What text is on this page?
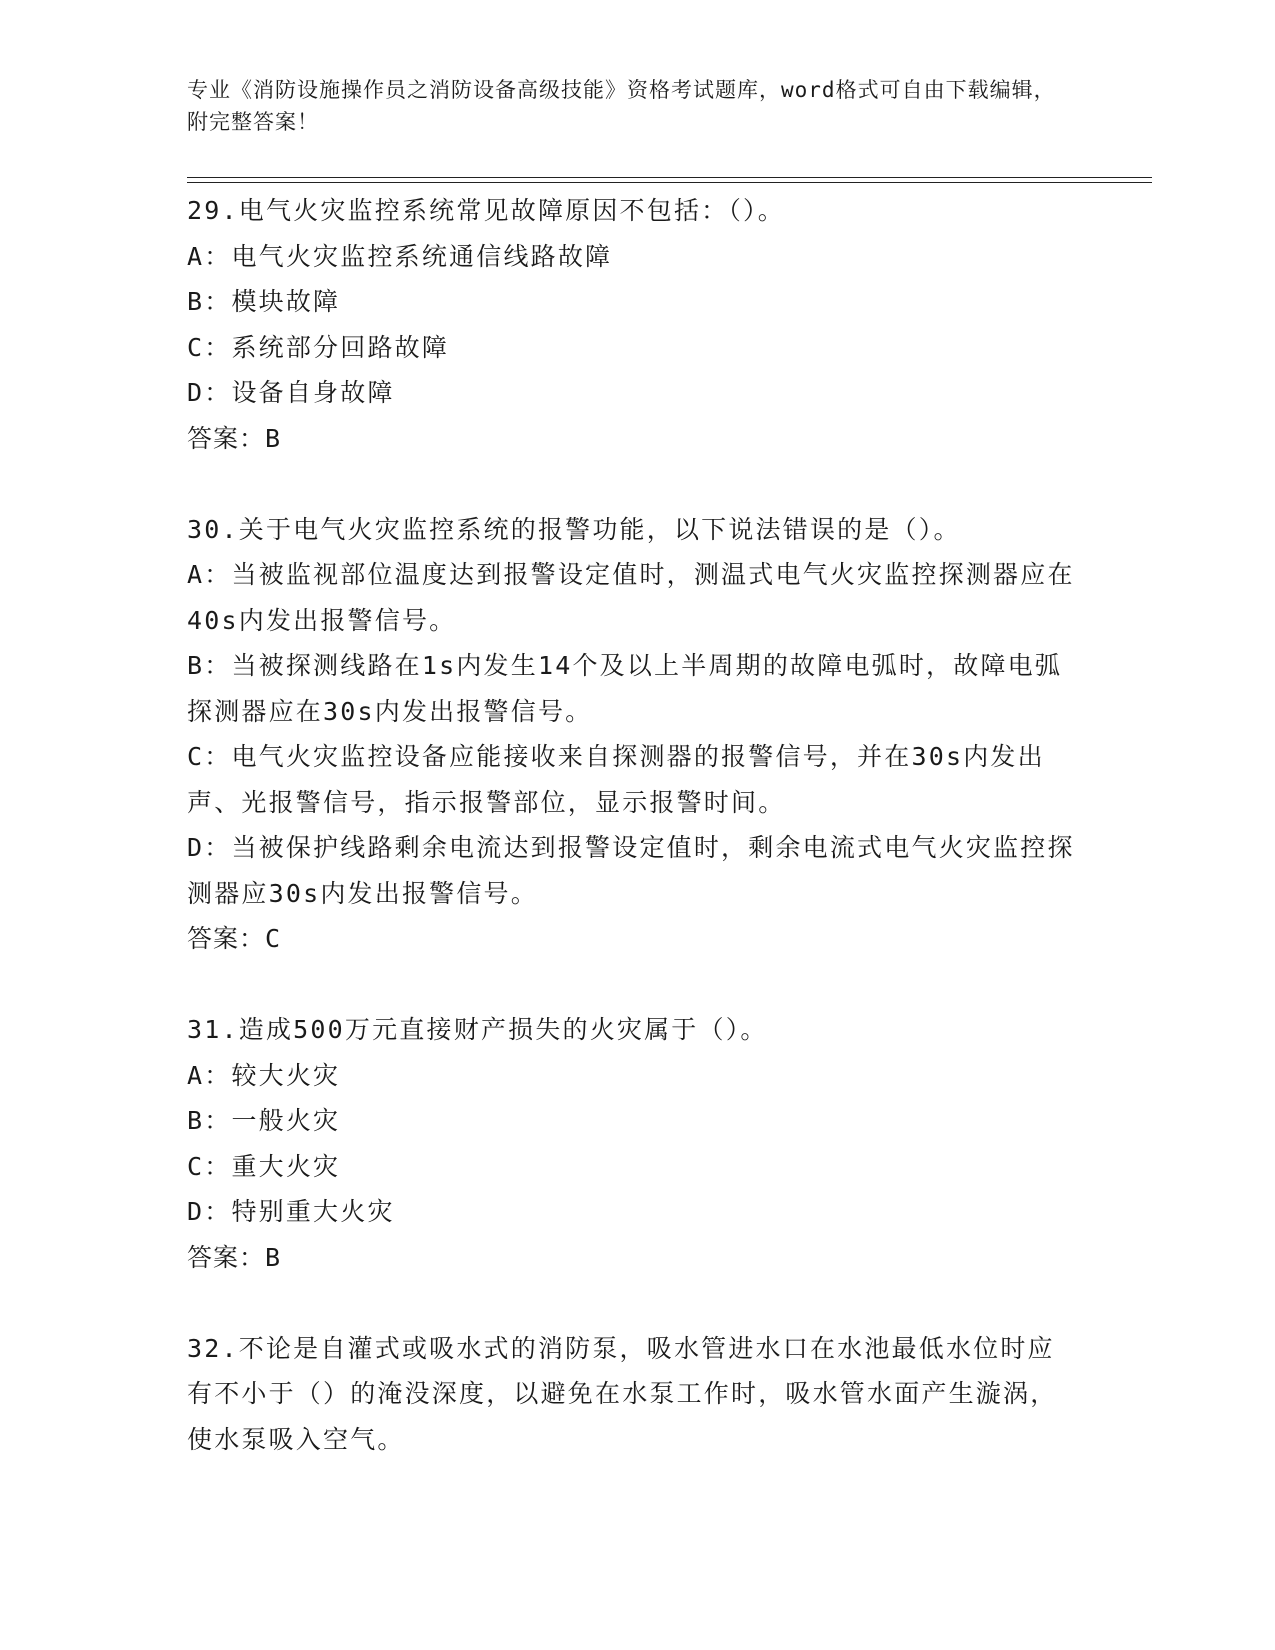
专业《消防设施操作员之消防设备高级技能》资格考试题库，word格式可自由下载编辑，附完整答案！

29.电气火灾监控系统常见故障原因不包括：（）。

A：电气火灾监控系统通信线路故障

B：模块故障

C：系统部分回路故障

D：设备自身故障

答案：B

30.关于电气火灾监控系统的报警功能，以下说法错误的是（）。

A：当被监视部位温度达到报警设定值时，测温式电气火灾监控探测器应在40s内发出报警信号。

B：当被探测线路在1s内发生14个及以上半周期的故障电弧时，故障电弧探测器应在30s内发出报警信号。

C：电气火灾监控设备应能接收来自探测器的报警信号，并在30s内发出声、光报警信号，指示报警部位，显示报警时间。

D：当被保护线路剩余电流达到报警设定值时，剩余电流式电气火灾监控探测器应30s内发出报警信号。

答案：C

31.造成500万元直接财产损失的火灾属于（）。

A：较大火灾

B：一般火灾

C：重大火灾

D：特别重大火灾

答案：B

32.不论是自灌式或吸水式的消防泵，吸水管进水口在水池最低水位时应有不小于（）的淹没深度，以避免在水泵工作时，吸水管水面产生漩涡，使水泵吸入空气。
